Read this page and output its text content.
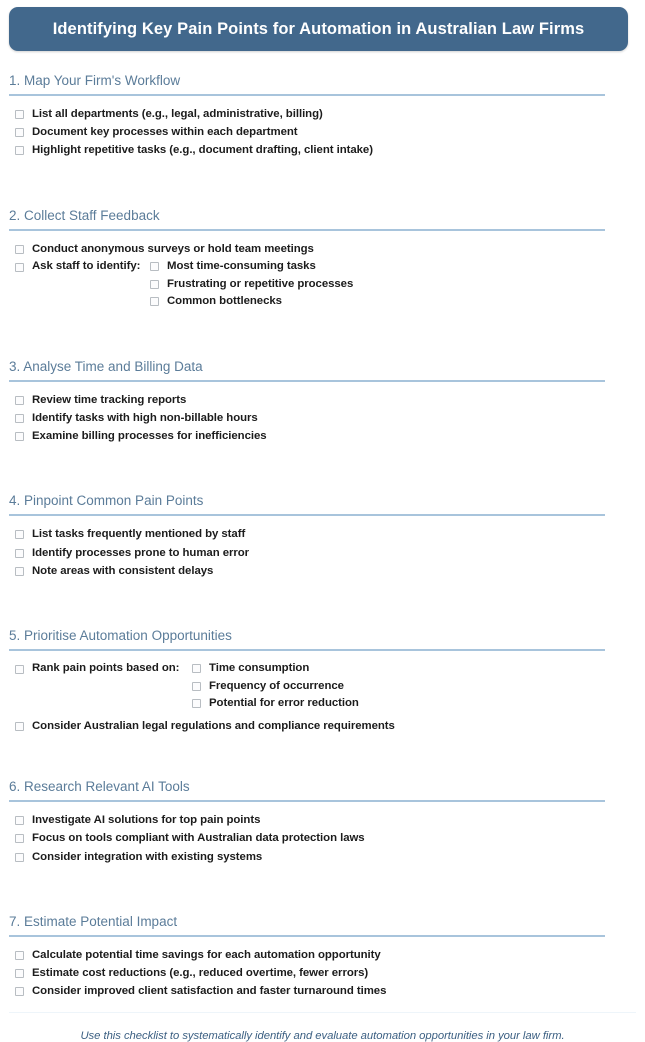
Identifying Key Pain Points for Automation in Australian Law Firms
1. Map Your Firm's Workflow
List all departments (e.g., legal, administrative, billing)
Document key processes within each department
Highlight repetitive tasks (e.g., document drafting, client intake)
2. Collect Staff Feedback
Conduct anonymous surveys or hold team meetings
Ask staff to identify: Most time-consuming tasks
Frustrating or repetitive processes
Common bottlenecks
3. Analyse Time and Billing Data
Review time tracking reports
Identify tasks with high non-billable hours
Examine billing processes for inefficiencies
4. Pinpoint Common Pain Points
List tasks frequently mentioned by staff
Identify processes prone to human error
Note areas with consistent delays
5. Prioritise Automation Opportunities
Rank pain points based on:	Time consumption
Frequency of occurrence
Potential for error reduction
Consider Australian legal regulations and compliance requirements
6. Research Relevant AI Tools
Investigate AI solutions for top pain points
Focus on tools compliant with Australian data protection laws
Consider integration with existing systems
7. Estimate Potential Impact
Calculate potential time savings for each automation opportunity
Estimate cost reductions (e.g., reduced overtime, fewer errors)
Consider improved client satisfaction and faster turnaround times
Use this checklist to systematically identify and evaluate automation opportunities in your law firm.
